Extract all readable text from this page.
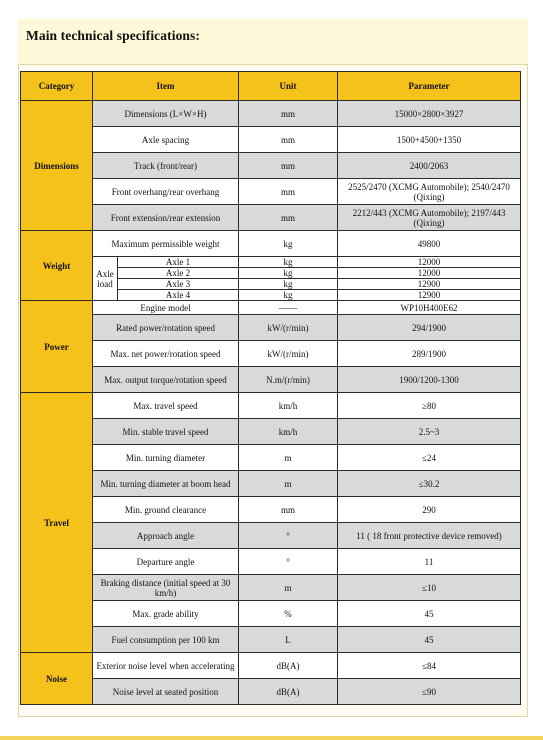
Main technical specifications:
Category	Item		Unit	Parameter
Dimensions	Dimensions (L×W×H)		mm	15000×2800×3927
	Axle spacing		mm	1500+4500+1350
	Track (front/rear)		mm	2400/2063
	Front overhang/rear overhang		mm	2525/2470 (XCMG Automobile); 2540/2470 (Qixing)
	Front extension/rear extension		mm	2212/443 (XCMG Automobile); 2197/443 (Qixing)
Weight	Maximum permissible weight		kg	49800
	Axle load	Axle 1	kg	12000
		Axle 2	kg	12000
		Axle 3	kg	12900
		Axle 4	kg	12900
Power	Engine model		——	WP10H400E62
	Rated power/rotation speed		kW/(r/min)	294/1900
	Max. net power/rotation speed		kW/(r/min)	289/1900
	Max. output torque/rotation speed		N.m/(r/min)	1900/1200-1300
Travel	Max. travel speed		km/h	≥80
	Min. stable travel speed		km/h	2.5~3
	Min. turning diameter		m	≤24
	Min. turning diameter at boom head		m	≤30.2
	Min. ground clearance		mm	290
	Approach angle		°	11 ( 18 front protective device removed)
	Departure angle		°	11
	Braking distance (initial speed at 30 km/h)		m	≤10
	Max. grade ability		%	45
	Fuel consumption per 100 km		L	45
Noise	Exterior noise level when accelerating		dB(A)	≤84
	Noise level at seated position		dB(A)	≤90
